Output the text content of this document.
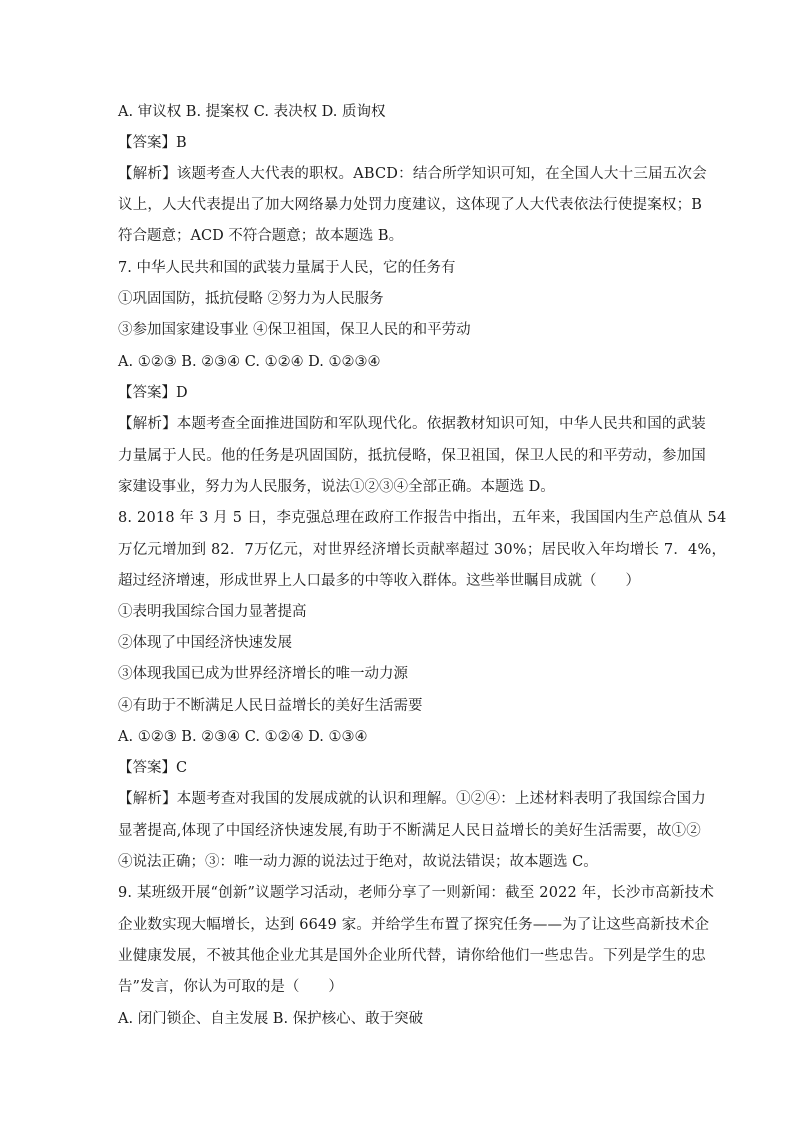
A. 审议权 B. 提案权 C. 表决权 D. 质询权
【答案】B
【解析】该题考查人大代表的职权。ABCD：结合所学知识可知，在全国人大十三届五次会
议上，人大代表提出了加大网络暴力处罚力度建议，这体现了人大代表依法行使提案权；B
符合题意；ACD 不符合题意；故本题选 B。
7. 中华人民共和国的武装力量属于人民，它的任务有
①巩固国防，抵抗侵略 ②努力为人民服务
③参加国家建设事业 ④保卫祖国，保卫人民的和平劳动
A. ①②③ B. ②③④ C. ①②④ D. ①②③④
【答案】D
【解析】本题考查全面推进国防和军队现代化。依据教材知识可知，中华人民共和国的武装
力量属于人民。他的任务是巩固国防，抵抗侵略，保卫祖国，保卫人民的和平劳动，参加国
家建设事业，努力为人民服务，说法①②③④全部正确。本题选 D。
8. 2018 年 3 月 5 日，李克强总理在政府工作报告中指出，五年来，我国国内生产总值从 54
万亿元增加到 82．7万亿元，对世界经济增长贡献率超过 30%；居民收入年均增长 7．4%，
超过经济增速，形成世界上人口最多的中等收入群体。这些举世瞩目成就（　　）
①表明我国综合国力显著提高
②体现了中国经济快速发展
③体现我国已成为世界经济增长的唯一动力源
④有助于不断满足人民日益增长的美好生活需要
A. ①②③ B. ②③④ C. ①②④ D. ①③④
【答案】C
【解析】本题考查对我国的发展成就的认识和理解。①②④：上述材料表明了我国综合国力
显著提高,体现了中国经济快速发展,有助于不断满足人民日益增长的美好生活需要，故①②
④说法正确；③：唯一动力源的说法过于绝对，故说法错误；故本题选 C。
9. 某班级开展“创新”议题学习活动，老师分享了一则新闻：截至 2022 年，长沙市高新技术
企业数实现大幅增长，达到 6649 家。并给学生布置了探究任务——为了让这些高新技术企
业健康发展，不被其他企业尤其是国外企业所代替，请你给他们一些忠告。下列是学生的忠
告”发言，你认为可取的是（　　）
A. 闭门锁企、自主发展 B. 保护核心、敢于突破
